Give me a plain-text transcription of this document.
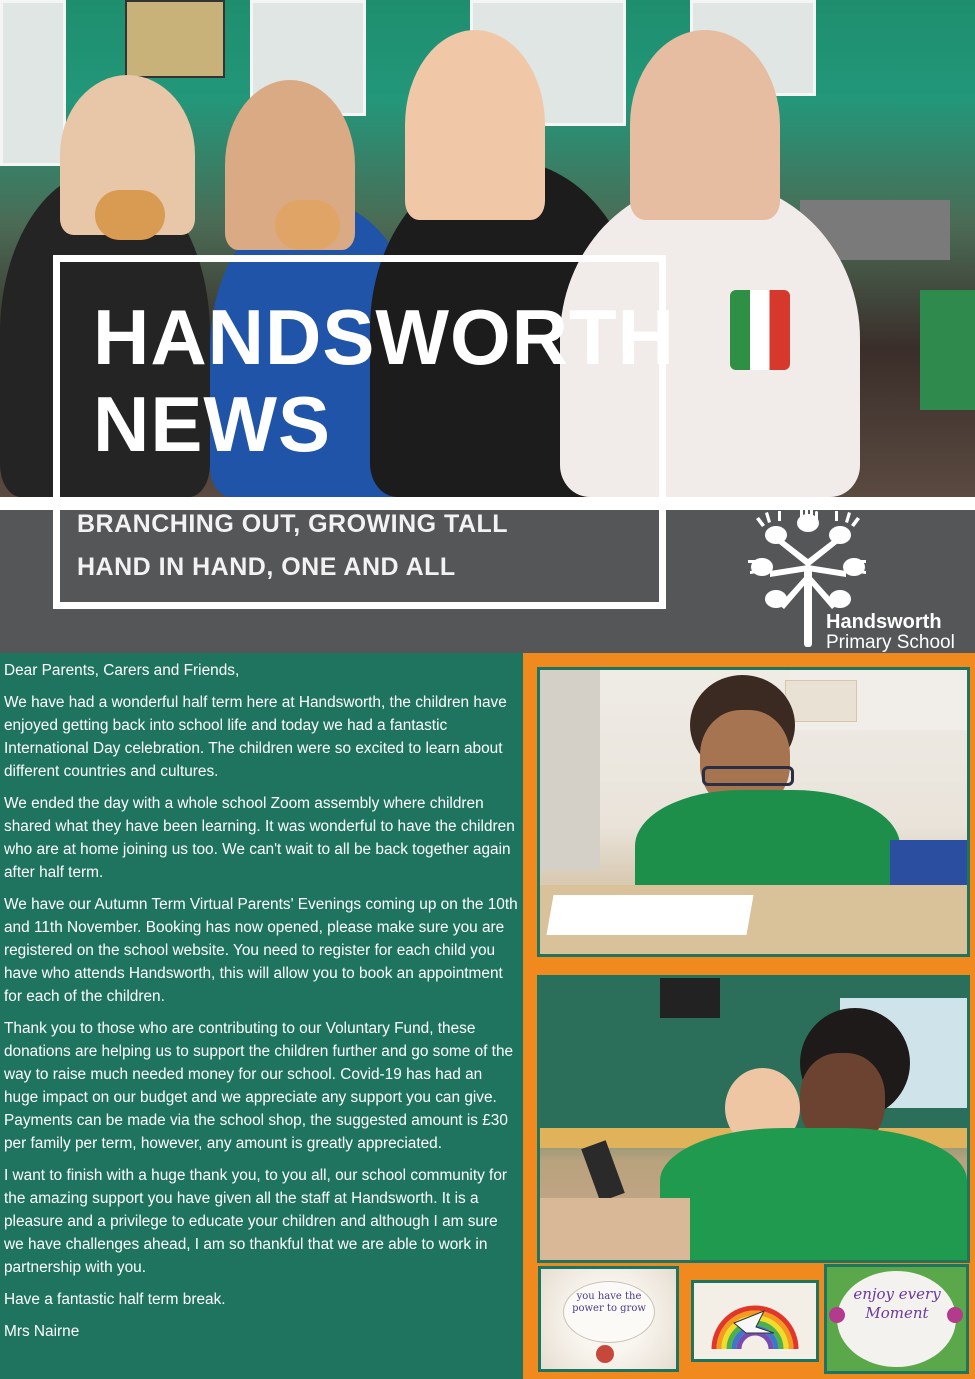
HANDSWORTH
NEWS
BRANCHING OUT, GROWING TALL
HAND IN HAND, ONE AND ALL
Handsworth
Primary School

Dear Parents, Carers and Friends,

We have had a wonderful half term here at Handsworth, the children have enjoyed getting back into school life and today we had a fantastic International Day celebration. The children were so excited to learn about different countries and cultures.

We ended the day with a whole school Zoom assembly where children shared what they have been learning. It was wonderful to have the children who are at home joining us too. We can't wait to all be back together again after half term.

We have our Autumn Term Virtual Parents' Evenings coming up on the 10th and 11th November. Booking has now opened, please make sure you are registered on the school website. You need to register for each child you have who attends Handsworth, this will allow you to book an appointment for each of the children.

Thank you to those who are contributing to our Voluntary Fund, these donations are helping us to support the children further and go some of the way to raise much needed money for our school. Covid-19 has had an huge impact on our budget and we appreciate any support you can give. Payments can be made via the school shop, the suggested amount is £30 per family per term, however, any amount is greatly appreciated.

I want to finish with a huge thank you, to you all, our school community for the amazing support you have given all the staff at Handsworth. It is a pleasure and a privilege to educate your children and although I am sure we have challenges ahead, I am so thankful that we are able to work in partnership with you.

Have a fantastic half term break.

Mrs Nairne

you have the power to grow
enjoy every Moment
